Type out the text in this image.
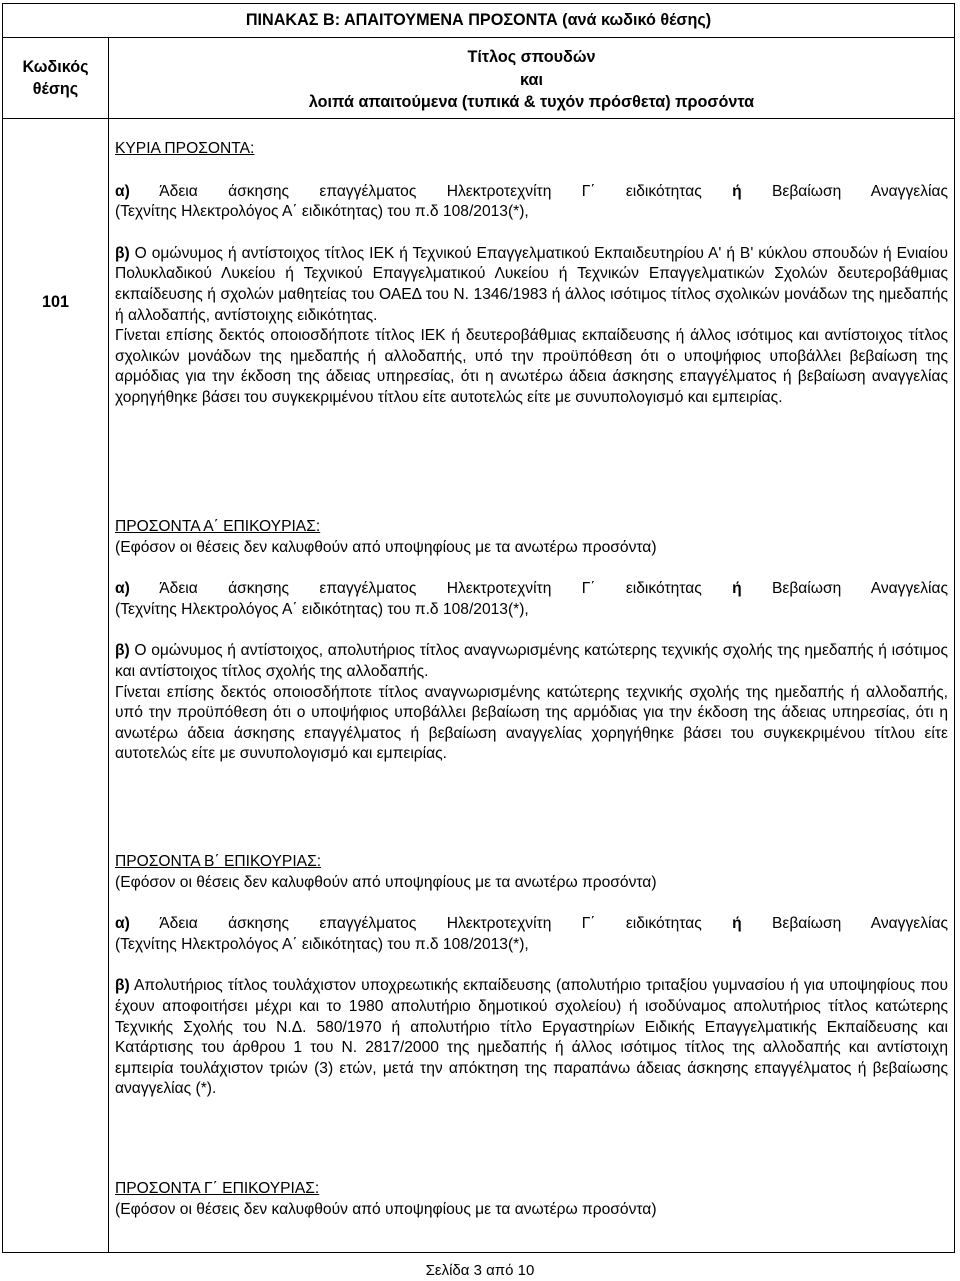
ΠΙΝΑΚΑΣ Β: ΑΠΑΙΤΟΥΜΕΝΑ ΠΡΟΣΟΝΤΑ (ανά κωδικό θέσης)
Κωδικός
θέσης
Τίτλος σπουδών
και
λοιπά απαιτούμενα (τυπικά & τυχόν πρόσθετα) προσόντα
101

ΚΥΡΙΑ ΠΡΟΣΟΝΤΑ:

α) Άδεια άσκησης επαγγέλματος Ηλεκτροτεχνίτη Γ΄ ειδικότητας ή Βεβαίωση Αναγγελίας

(Τεχνίτης Ηλεκτρολόγος Α΄ ειδικότητας) του π.δ 108/2013(*),

β) Ο ομώνυμος ή αντίστοιχος τίτλος ΙΕΚ ή Τεχνικού Επαγγελματικού Εκπαιδευτηρίου Α' ή Β' κύκλου σπουδών ή Ενιαίου Πολυκλαδικού Λυκείου ή Τεχνικού Επαγγελματικού Λυκείου ή Τεχνικών Επαγγελματικών Σχολών δευτεροβάθμιας εκπαίδευσης ή σχολών μαθητείας του ΟΑΕΔ του Ν. 1346/1983 ή άλλος ισότιμος τίτλος σχολικών μονάδων της ημεδαπής ή αλλοδαπής, αντίστοιχης ειδικότητας.

Γίνεται επίσης δεκτός οποιοσδήποτε τίτλος ΙΕΚ ή δευτεροβάθμιας εκπαίδευσης ή άλλος ισότιμος και αντίστοιχος τίτλος σχολικών μονάδων της ημεδαπής ή αλλοδαπής, υπό την προϋπόθεση ότι ο υποψήφιος υποβάλλει βεβαίωση της αρμόδιας για την έκδοση της άδειας υπηρεσίας, ότι η ανωτέρω άδεια άσκησης επαγγέλματος ή βεβαίωση αναγγελίας χορηγήθηκε βάσει του συγκεκριμένου τίτλου είτε αυτοτελώς είτε με συνυπολογισμό και εμπειρίας.

ΠΡΟΣΟΝΤΑ Α΄ ΕΠΙΚΟΥΡΙΑΣ:

(Εφόσον οι θέσεις δεν καλυφθούν από υποψηφίους με τα ανωτέρω προσόντα)

α) Άδεια άσκησης επαγγέλματος Ηλεκτροτεχνίτη Γ΄ ειδικότητας ή Βεβαίωση Αναγγελίας

(Τεχνίτης Ηλεκτρολόγος Α΄ ειδικότητας) του π.δ 108/2013(*),

β) Ο ομώνυμος ή αντίστοιχος, απολυτήριος τίτλος αναγνωρισμένης κατώτερης τεχνικής σχολής της ημεδαπής ή ισότιμος και αντίστοιχος τίτλος σχολής της αλλοδαπής.

Γίνεται επίσης δεκτός οποιοσδήποτε τίτλος αναγνωρισμένης κατώτερης τεχνικής σχολής της ημεδαπής ή αλλοδαπής, υπό την προϋπόθεση ότι ο υποψήφιος υποβάλλει βεβαίωση της αρμόδιας για την έκδοση της άδειας υπηρεσίας, ότι η ανωτέρω άδεια άσκησης επαγγέλματος ή βεβαίωση αναγγελίας χορηγήθηκε βάσει του συγκεκριμένου τίτλου είτε αυτοτελώς είτε με συνυπολογισμό και εμπειρίας.

ΠΡΟΣΟΝΤΑ Β΄ ΕΠΙΚΟΥΡΙΑΣ:

(Εφόσον οι θέσεις δεν καλυφθούν από υποψηφίους με τα ανωτέρω προσόντα)

α) Άδεια άσκησης επαγγέλματος Ηλεκτροτεχνίτη Γ΄ ειδικότητας ή Βεβαίωση Αναγγελίας

(Τεχνίτης Ηλεκτρολόγος Α΄ ειδικότητας) του π.δ 108/2013(*),

β) Απολυτήριος τίτλος τουλάχιστον υποχρεωτικής εκπαίδευσης (απολυτήριο τριταξίου γυμνασίου ή για υποψηφίους που έχουν αποφοιτήσει μέχρι και το 1980 απολυτήριο δημοτικού σχολείου) ή ισοδύναμος απολυτήριος τίτλος κατώτερης Τεχνικής Σχολής του Ν.Δ. 580/1970 ή απολυτήριο τίτλο Εργαστηρίων Ειδικής Επαγγελματικής Εκπαίδευσης και Κατάρτισης του άρθρου 1 του Ν. 2817/2000 της ημεδαπής ή άλλος ισότιμος τίτλος της αλλοδαπής και αντίστοιχη εμπειρία τουλάχιστον τριών (3) ετών, μετά την απόκτηση της παραπάνω άδειας άσκησης επαγγέλματος ή βεβαίωσης αναγγελίας (*).

ΠΡΟΣΟΝΤΑ Γ΄ ΕΠΙΚΟΥΡΙΑΣ:

(Εφόσον οι θέσεις δεν καλυφθούν από υποψηφίους με τα ανωτέρω προσόντα)

Σελίδα 3 από 10
